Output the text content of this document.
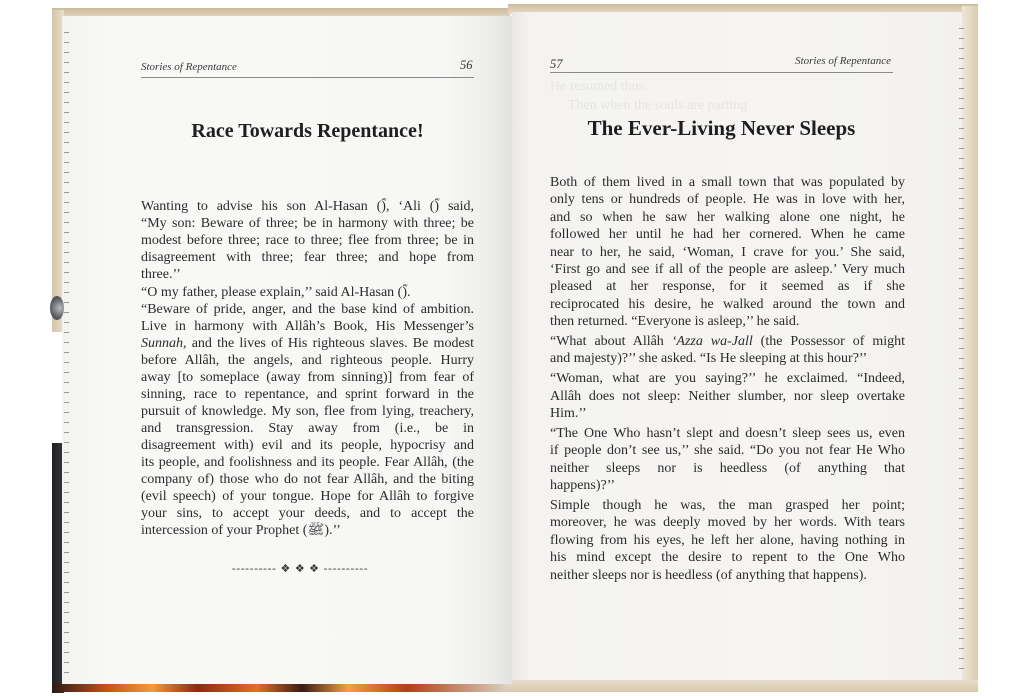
Stories of Repentance	56
Race Towards Repentance!
Wanting to advise his son Al-Hasan (ؓ), ‘Ali (ؓ) said,
“My son: Beware of three; be in harmony with three; be
modest before three; race to three; flee from three; be in
disagreement with three; fear three; and hope from
three.’’
“O my father, please explain,’’ said Al-Hasan (ؓ).
“Beware of pride, anger, and the base kind of ambition.
Live in harmony with Allâh’s Book, His Messenger’s
Sunnah, and the lives of His righteous slaves. Be modest
before Allâh, the angels, and righteous people. Hurry
away [to someplace (away from sinning)] from fear of
sinning, race to repentance, and sprint forward in the
pursuit of knowledge. My son, flee from lying, treachery,
and transgression. Stay away from (i.e., be in
disagreement with) evil and its people, hypocrisy and
its people, and foolishness and its people. Fear Allâh, (the
company of) those who do not fear Allâh, and the biting
(evil speech) of your tongue. Hope for Allâh to forgive
your sins, to accept your deeds, and to accept the
intercession of your Prophet (ﷺ).’’
---------- ❖ ❖ ❖ ----------
He resumed thus:
Then when the souls are parting
57	Stories of Repentance
The Ever-Living Never Sleeps
Both of them lived in a small town that was populated by
only tens or hundreds of people. He was in love with her,
and so when he saw her walking alone one night, he
followed her until he had her cornered. When he came
near to her, he said, ‘Woman, I crave for you.’ She said,
‘First go and see if all of the people are asleep.’ Very much
pleased at her response, for it seemed as if she
reciprocated his desire, he walked around the town and
then returned. “Everyone is asleep,’’ he said.
“What about Allâh ‘Azza wa-Jall (the Possessor of might
and majesty)?’’ she asked. “Is He sleeping at this hour?’’
“Woman, what are you saying?’’ he exclaimed. “Indeed,
Allâh does not sleep: Neither slumber, nor sleep overtake
Him.’’
“The One Who hasn’t slept and doesn’t sleep sees us, even
if people don’t see us,’’ she said. “Do you not fear He Who
neither sleeps nor is heedless (of anything that
happens)?’’
Simple though he was, the man grasped her point;
moreover, he was deeply moved by her words. With tears
flowing from his eyes, he left her alone, having nothing in
his mind except the desire to repent to the One Who
neither sleeps nor is heedless (of anything that happens).
